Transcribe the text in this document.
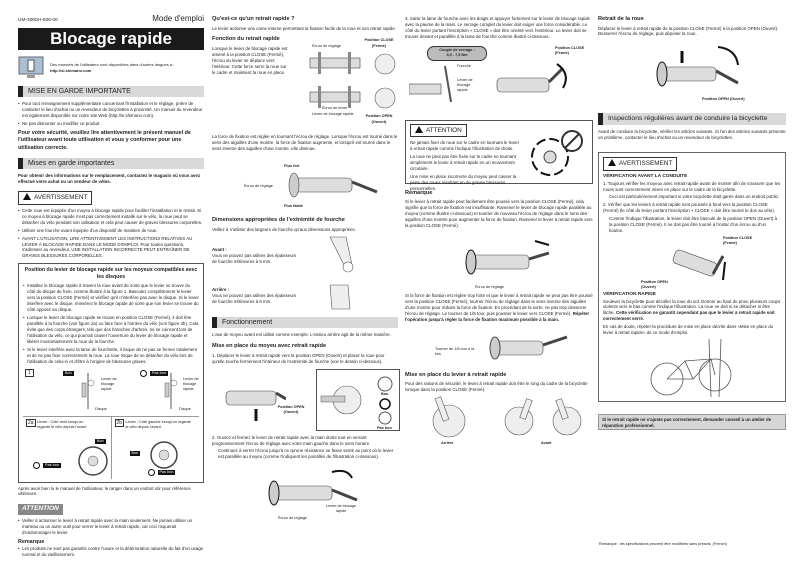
UM-3000H-006-00	Mode d'emploi
Blocage rapide
Des manuels de l'utilisateur sont disponibles dans d'autres langues à :
http://si.shimano.com
MISE EN GARDE IMPORTANTE
• Pour tout renseignement supplémentaire concernant l'installation et le réglage, prière de contacter le lieu d'achat ou un revendeur de bicyclettes à proximité. Un manuel du revendeur est également disponible sur notre site Web (http://si.shimano.com).
• Ne pas démonter ou modifier ce produit.

Pour votre sécurité, veuillez lire attentivement le présent manuel de l'utilisateur avant toute utilisation et vous y conformer pour une utilisation correcte.

Mises en garde importantes

Pour obtenir des informations sur le remplacement, contactez le magasin où vous avez effectué votre achat ou un vendeur de vélos.

AVERTISSEMENT
• Cette roue est équipée d'un moyeu à blocage rapide pour faciliter l'installation et le retrait. Si ce moyeu à blocage rapide n'est pas correctement installé sur le vélo, la roue peut se détacher du vélo pendant son utilisation et cela peut causer de graves blessures corporelles.
• Utiliser une fourche avant équipée d'un dispositif de maintien de roue.
• AVANT L'UTILISATION, LIRE ATTENTIVEMENT LES INSTRUCTIONS RELATIVES AU LEVIER À BLOCAGE RAPIDE DANS LE MODE D'EMPLOI. Pour toutes questions, s'adresser au revendeur. UNE INSTALLATION INCORRECTE PEUT ENTRAÎNER DE GRAVES BLESSURES CORPORELLES.
Position du levier de blocage rapide sur les moyeux compatibles avec les disques
• Installez le blocage rapide à travers la roue avant de sorte que le levier se trouve du côté du disque de frein, comme illustré à la figure 1. Basculez complètement le levier vers la position CLOSE (Fermé) et vérifiez qu'il n'interfère pas avec le disque. Si le levier interfère avec le disque, réinsérez le blocage rapide de sorte que son levier se trouve du côté opposé au disque.
• Lorsque le levier de blocage rapide se trouve en position CLOSE (Fermé), il doit être parallèle à la fourche (voir figure 2a) ou faire face à l'arrière du vélo (voir figure 2b). Cela évite que des corps étrangers, tels que des branches d'arbres, ne se coincent lors de l'utilisation du vélo, ce qui pourrait causer l'ouverture du levier de blocage rapide et libérer involontairement la roue de la fourche.
• Si le levier interfère avec la lame de fourchette, il risque de ne pas se fermer totalement et de ne pas fixer correctement la roue. La roue risque de se détacher du vélo lors de l'utilisation de celui-ci et d'être à l'origine de blessures graves.
1	Bon
Levier de blocage rapide
Disque
Pas bon
Levier de blocage rapide
Disque
2a Levier : Côté droit lorsqu'on regarde le vélo depuis l'avant.
Pas bon
Bon
2b Levier : Côté gauche lorsqu'on regarde le vélo depuis l'avant.
Bon
Pas bon

Après avoir bien lu le manuel de l'utilisateur, le ranger dans un endroit sûr pour référence ultérieure.

ATTENTION
• Veiller à actionner le levier à retrait rapide avec la main seulement. Ne jamais utiliser un marteau ou un autre outil pour serrer le levier à retrait rapide, car ceci risquerait d'endommager le levier.
Remarque
• Les produits ne sont pas garantis contre l'usure et la détérioration naturelle du fait d'un usage normal et du vieillissement.
Qu'est-ce qu'un retrait rapide ?

Le levier actionne une came interne permettant la fixation facile de la roue et son retrait rapide.

Fonction du retrait rapide

Lorsque le levier de blocage rapide est amené à la position CLOSE (Fermé), l'écrou du levier se déplace vers l'intérieur. Cette force serre la roue sur le cadre et maintient la roue en place.

Écrou de réglage
Position CLOSE (Fermé)
Écrou de levier
Levier de blocage rapide	Position OPEN (Ouvert)

La force de fixation est réglée en tournant l'écrou de réglage. Lorsque l'écrou est tourné dans le sens des aiguilles d'une montre, la force de fixation augmente, et lorsqu'il est tourné dans le sens inverse des aiguilles d'une montre, elle diminue.

Plus fort
Écrou de réglage
Plus faible
Dimensions appropriées de l'extrémité de fourche

Veillez à n'utiliser des largeurs de fourche qu'aux dimensions appropriées.

Avant :
Vous ne pouvez pas utiliser des épaisseurs de fourche inférieures à 5 mm.
Arrière :
Vous ne pouvez pas utiliser des épaisseurs de fourche inférieures à 6 mm.
Fonctionnement

L'axe de moyeu avant est utilisé comme exemple. L'essieu arrière agit de la même manière.

Mise en place du moyeu avec retrait rapide

1. Déplacer le levier à retrait rapide vers la position OPEN (Ouvert) et placer la roue pour qu'elle touche fermement l'intérieur de l'extrémité de fourche (voir le dessin ci-dessous).

Position OPEN (Ouvert)
Bon
Pas bon

2. Ouvrez et fermez le levier de retrait rapide avec la main droite tout en serrant progressivement l'écrou de réglage avec votre main gauche dans le sens horaire.

Continuez à serrer l'écrou jusqu'à ce qu'une résistance se fasse sentir au point où le levier est parallèle au moyeu (comme l'indiquent les pointillés de l'illustration ci-dessous).

Levier de blocage rapide
Écrou de réglage

3. Saisir la lame de fourche avec les doigts et appuyer fortement sur le levier de blocage rapide avec la paume de la main. Le serrage complet du levier doit exiger une force considérable. Le côté du levier portant l'inscription « CLOSE » doit être orienté vers l'extérieur. Le levier doit se trouver devant et parallèle à la lame de fourche comme illustré ci-dessous.

Couple de serrage :
5,0 - 7,5 Nm
Fourche
Levier de blocage rapide
Position CLOSE (Fermé)
ATTENTION

Ne jamais fixer de roue sur le cadre en tournant le levier à retrait rapide comme l'indique l'illustration de droite.

La roue ne peut pas être fixée sur le cadre en tournant simplement le levier à retrait rapide en un mouvement circulaire.

Une mise en place incorrecte du moyeu peut causer la perte des roues résultant en de graves blessures personnelles.

Remarque

Si le levier à retrait rapide peut facilement être poussé vers la position CLOSE (Fermé), cela signifie que la force de fixation est insuffisante. Ramener le levier de blocage rapide parallèle au moyeu (comme illustré ci-dessous) et tourner de nouveau l'écrou de réglage dans le sens des aiguilles d'une montre pour augmenter la force de fixation. Ramener le levier à retrait rapide vers la position CLOSE (Fermé).

Écrou de réglage

Si la force de fixation est réglée trop forte et que le levier à retrait rapide ne peut pas être poussé vers la position CLOSE (Fermé), tourner l'écrou de réglage dans le sens inverse des aiguilles d'une montre pour réduire la force de fixation. En procédant de la sorte, ne pas trop desserrer l'écrou de réglage. Le tourner de 1/8 tour, puis pousser le levier vers CLOSE (Fermé). Répéter l'opération jusqu'à régler la force de fixation maximum possible à la main.

Tourner de 1/8 tour à la fois
Mise en place du levier à retrait rapide

Pour des raisons de sécurité, le levier à retrait rapide doit être le long du cadre de la bicyclette lorsque dans la position CLOSE (Fermé).

Arrière	Avant
Retrait de la roue

Déplacer le levier à retrait rapide de la position CLOSE (Fermé) à la position OPEN (Ouvert). Desserrer l'écrou de réglage, puis déposer la roue.

Position OPEN (Ouvert)
Inspections régulières avant de conduire la bicyclette

Avant de conduire la bicyclette, vérifier les articles suivants. Si l'un des articles suivants présente un problème, contacter le lieu d'achat ou un revendeur de bicyclettes.

AVERTISSEMENT
VÉRIFICATION AVANT LA CONDUITE

1. Toujours vérifier les moyeux avec retrait rapide avant de monter afin de s'assurer que les roues sont correctement mises en place sur le cadre de la bicyclette.

Ceci est particulièrement important si votre bicyclette était garée dans un endroit public.

2. Vérifier que les leviers à retrait rapide sont poussés à fond vers la position CLOSE (Fermé) (le côté du levier portant l'inscription « CLOSE » doit être tourné le dos au vélo).

Comme l'indique l'illustration, le levier doit être basculé de la position OPEN (Ouvert) à la position CLOSE (Fermé). Il ne doit pas être tourné à l'instar d'un écrou ou d'un boulon.

Position CLOSE (Fermé)
Position OPEN (Ouvert)
VÉRIFICATION RAPIDE

Soulever la bicyclette pour décoller la roue du sol. Donner au haut du pneu plusieurs coups violents vers le bas comme l'indique l'illustration. La roue ne doit ni se détacher ni être lâche. Cette vérification ne garantit cependant pas que le levier à retrait rapide soit correctement serré.

En cas de doute, répéter la procédure de mise en place décrite dans «Mise en place du levier à retrait rapide» de ce mode d'emploi.

Si le retrait rapide ne s'ajuste pas correctement, demander conseil à un atelier de réparation professionnel.
Remarque : les spécifications peuvent être modifiées sans préavis. (French)
